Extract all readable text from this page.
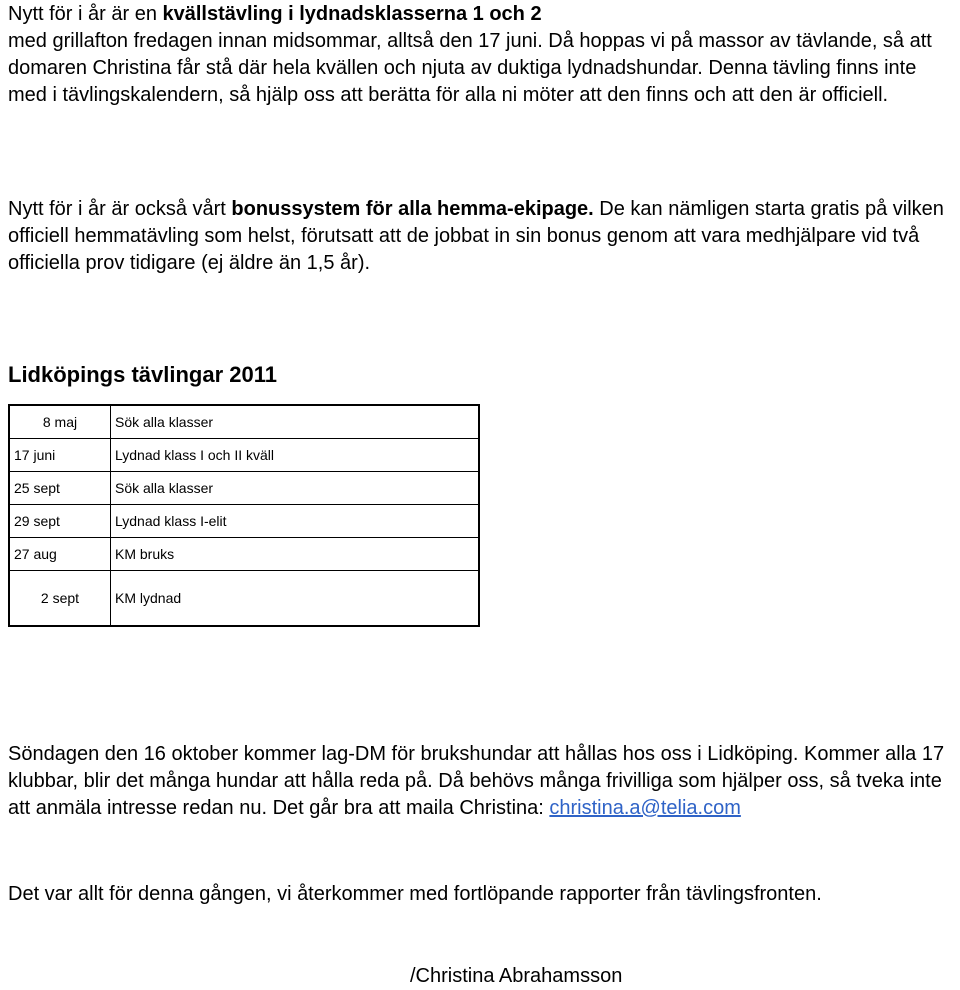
Nytt för i år är en kvällstävling i lydnadsklasserna 1 och 2
med grillafton fredagen innan midsommar, alltså den 17 juni. Då hoppas vi på massor av tävlande, så att domaren Christina får stå där hela kvällen och njuta av duktiga lydnadshundar. Denna tävling finns inte med i tävlingskalendern, så hjälp oss att berätta för alla ni möter att den finns och att den är officiell.

Nytt för i år är också vårt bonussystem för alla hemma-ekipage. De kan nämligen starta gratis på vilken officiell hemmatävling som helst, förutsatt att de jobbat in sin bonus genom att vara medhjälpare vid två officiella prov tidigare (ej äldre än 1,5 år).

Lidköpings tävlingar 2011
8 maj	Sök alla klasser
17 juni	Lydnad klass I och II kväll
25 sept	Sök alla klasser
29 sept	Lydnad klass I-elit
27 aug	KM bruks
2 sept	KM lydnad

Söndagen den 16 oktober kommer lag-DM för brukshundar att hållas hos oss i Lidköping. Kommer alla 17 klubbar, blir det många hundar att hålla reda på. Då behövs många frivilliga som hjälper oss, så tveka inte att anmäla intresse redan nu. Det går bra att maila Christina: christina.a@telia.com

Det var allt för denna gången, vi återkommer med fortlöpande rapporter från tävlingsfronten.

/Christina Abrahamsson
